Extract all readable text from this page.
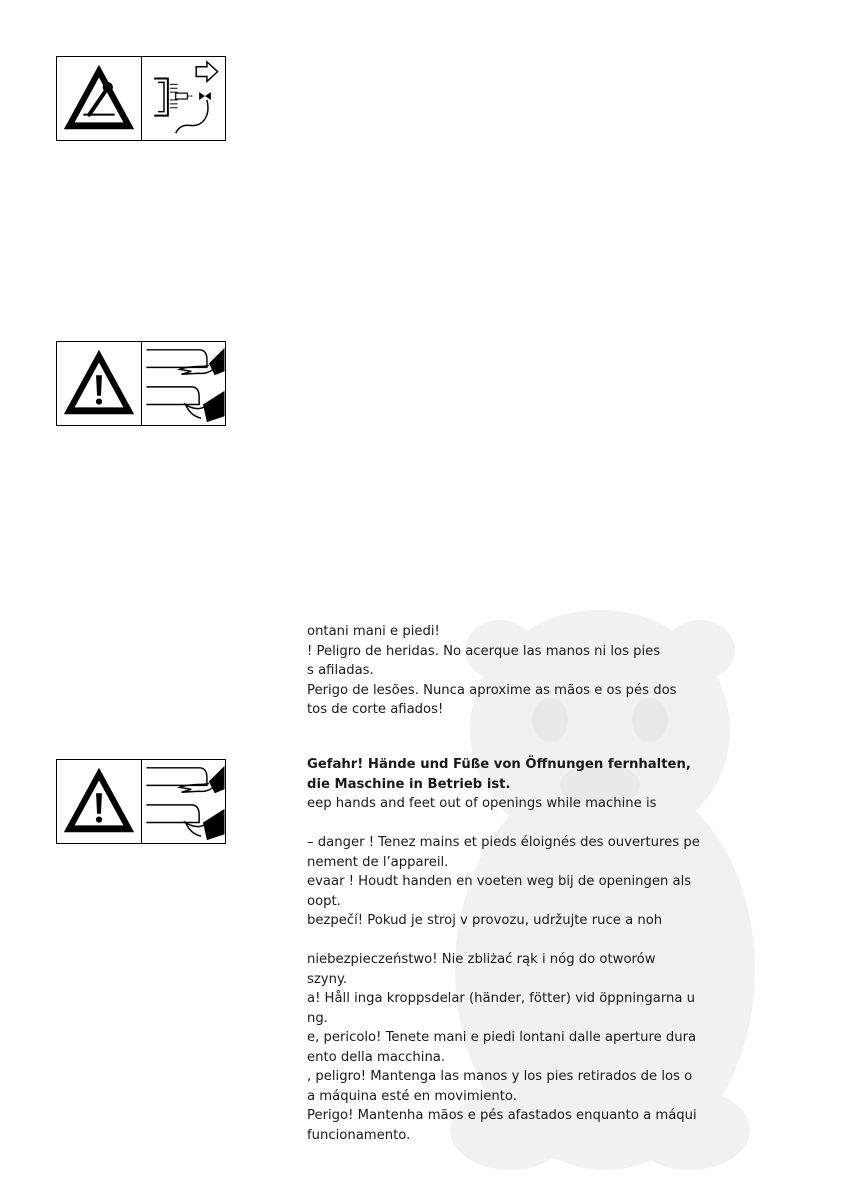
ontani mani e piedi!
! Peligro de heridas. No acerque las manos ni los pies
s afiladas.
Perigo de lesões. Nunca aproxime as mãos e os pés dos
tos de corte afiados!
Gefahr! Hände und Füße von Öffnungen fernhalten,
die Maschine in Betrieb ist.
eep hands and feet out of openings while machine is
– danger ! Tenez mains et pieds éloignés des ouvertures pe
nement de l’appareil.
evaar ! Houdt handen en voeten weg bij de openingen als
oopt.
bezpečí! Pokud je stroj v provozu, udržujte ruce a noh
niebezpieczeństwo! Nie zbliżać rąk i nóg do otworów
szyny.
a! Håll inga kroppsdelar (händer, fötter) vid öppningarna u
ng.
e, pericolo! Tenete mani e piedi lontani dalle aperture dura
ento della macchina.
, peligro! Mantenga las manos y los pies retirados de los o
a máquina esté en movimiento.
Perigo! Mantenha mãos e pés afastados enquanto a máqui
funcionamento.
